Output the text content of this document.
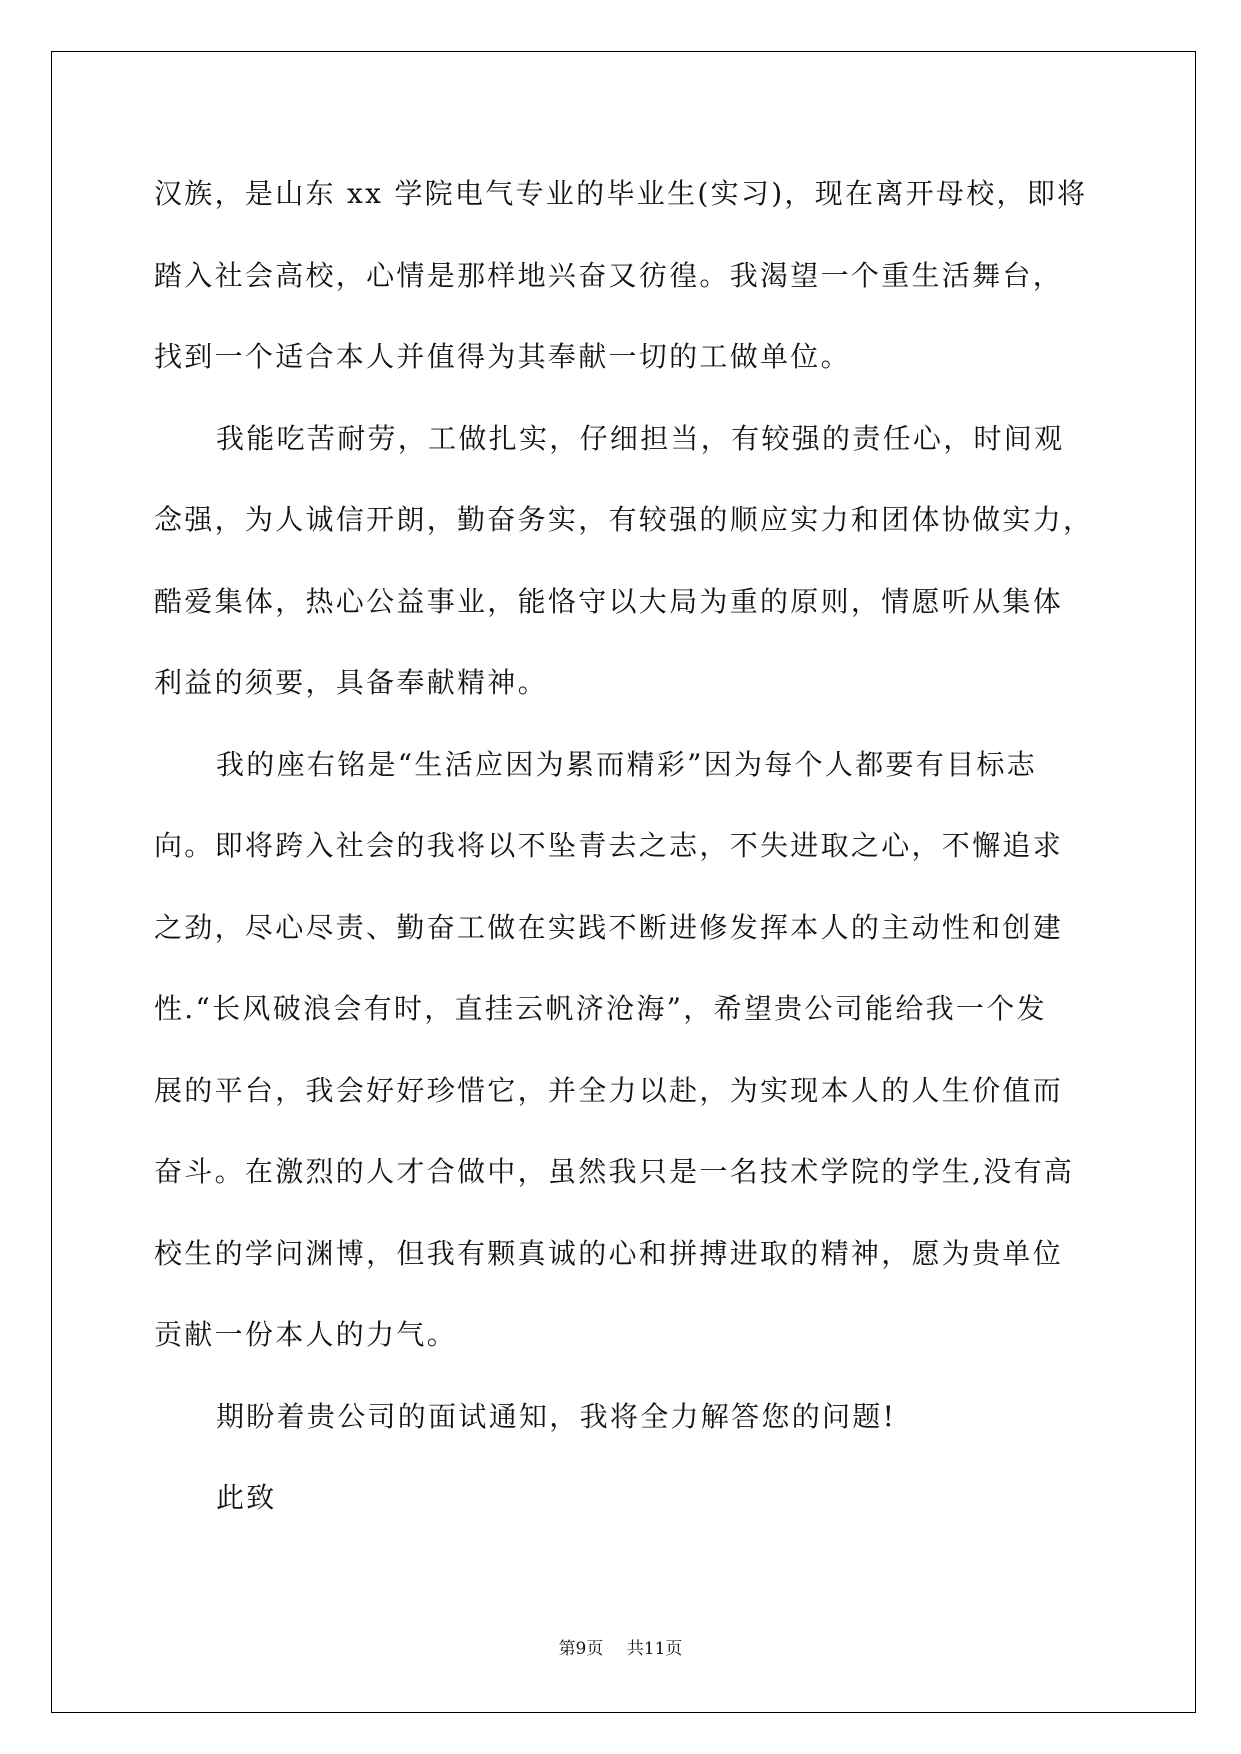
汉族，是山东 xx 学院电气专业的毕业生(实习)，现在离开母校，即将
踏入社会高校，心情是那样地兴奋又彷徨。我渴望一个重生活舞台，
找到一个适合本人并值得为其奉献一切的工做单位。
我能吃苦耐劳，工做扎实，仔细担当，有较强的责任心，时间观
念强，为人诚信开朗，勤奋务实，有较强的顺应实力和团体协做实力，
酷爱集体，热心公益事业，能恪守以大局为重的原则，情愿听从集体
利益的须要，具备奉献精神。
我的座右铭是“生活应因为累而精彩”因为每个人都要有目标志
向。即将跨入社会的我将以不坠青去之志，不失进取之心，不懈追求
之劲，尽心尽责、勤奋工做在实践不断进修发挥本人的主动性和创建
性.“长风破浪会有时，直挂云帆济沧海”，希望贵公司能给我一个发
展的平台，我会好好珍惜它，并全力以赴，为实现本人的人生价值而
奋斗。在激烈的人才合做中，虽然我只是一名技术学院的学生,没有高
校生的学问渊博，但我有颗真诚的心和拼搏进取的精神，愿为贵单位
贡献一份本人的力气。
期盼着贵公司的面试通知，我将全力解答您的问题!
此致
第9页 共11页
